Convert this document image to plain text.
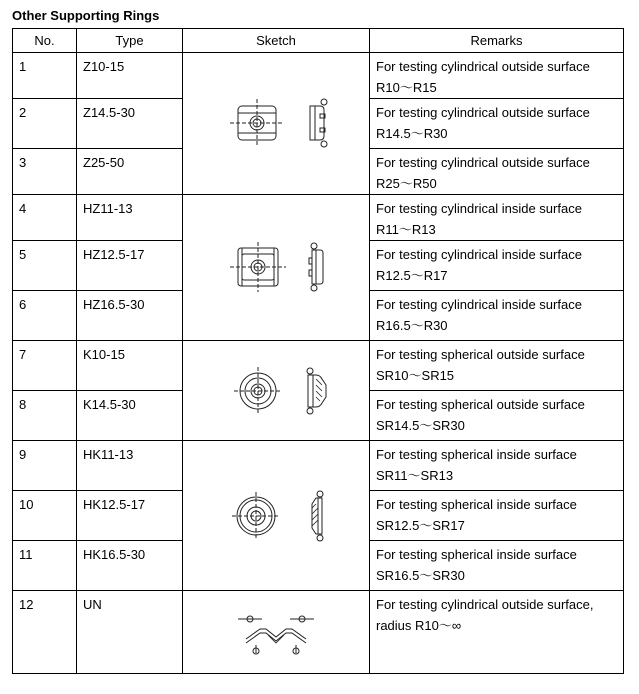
Other Supporting Rings
No.	Type	Sketch	Remarks
1	Z10-15		For testing cylindrical outside surface
R10～R15

2	Z14.5-30		For testing cylindrical outside surface
R14.5～R30

3	Z25-50		For testing cylindrical outside surface
R25～R50

4	HZ11-13		For testing cylindrical inside surface
R11～R13

5	HZ12.5-17		For testing cylindrical inside surface
R12.5～R17

6	HZ16.5-30		For testing cylindrical inside surface
R16.5～R30

7	K10-15		For testing spherical outside surface
SR10～SR15

8	K14.5-30		For testing spherical outside surface
SR14.5～SR30

9	HK11-13		For testing spherical inside surface
SR11～SR13

10	HK12.5-17		For testing spherical inside surface
SR12.5～SR17

11	HK16.5-30		For testing spherical inside surface
SR16.5～SR30

12	UN		For testing cylindrical outside surface,
radius R10～∞
